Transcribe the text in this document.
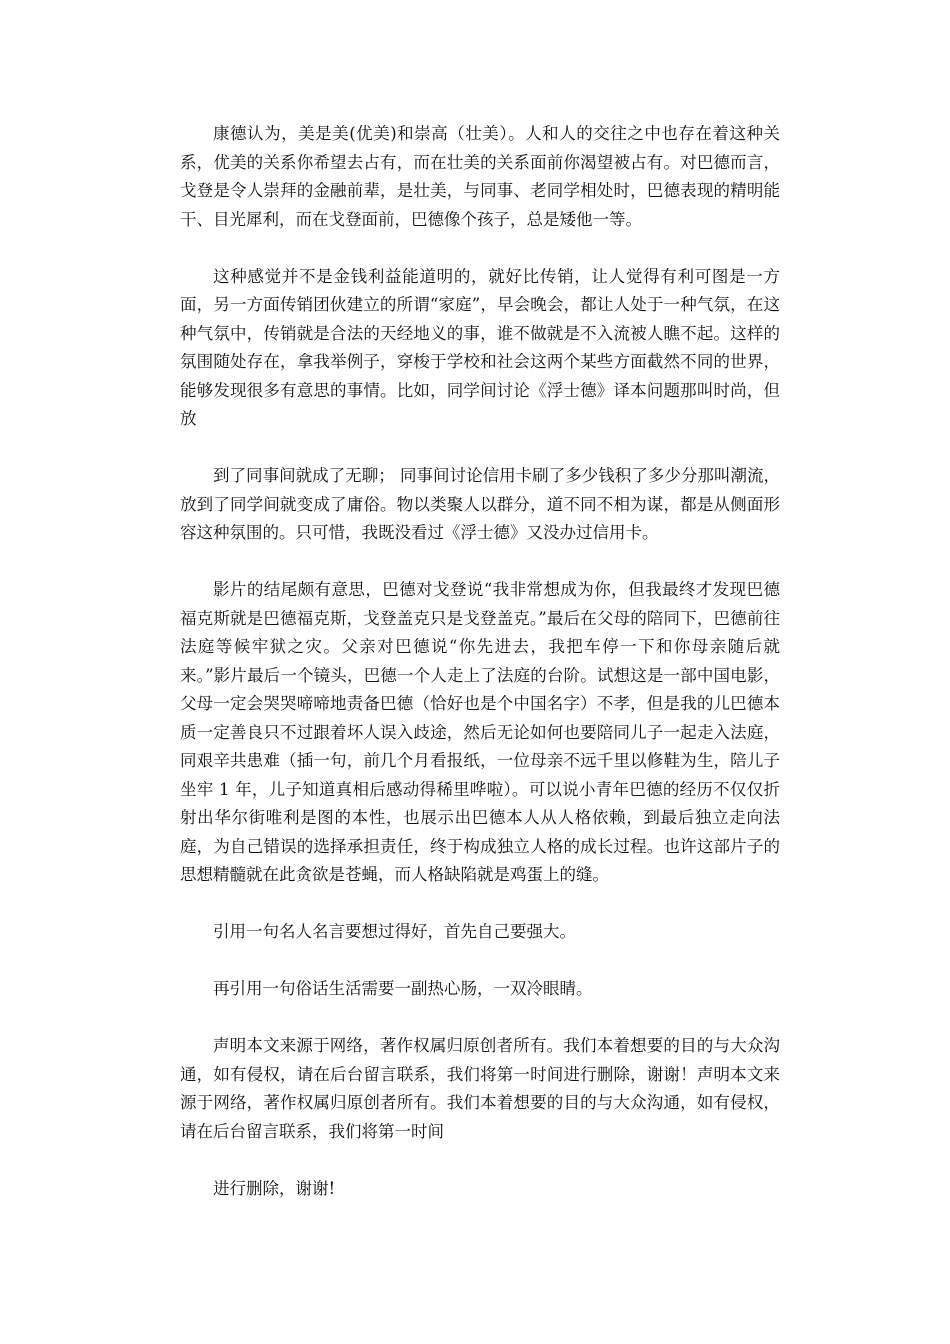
康德认为，美是美(优美)和崇高（壮美）。人和人的交往之中也存在着这种关系，优美的关系你希望去占有，而在壮美的关系面前你渴望被占有。对巴德而言，戈登是令人崇拜的金融前辈，是壮美，与同事、老同学相处时，巴德表现的精明能干、目光犀利，而在戈登面前，巴德像个孩子，总是矮他一等。

这种感觉并不是金钱利益能道明的，就好比传销，让人觉得有利可图是一方面，另一方面传销团伙建立的所谓“家庭”，早会晚会，都让人处于一种气氛，在这种气氛中，传销就是合法的天经地义的事，谁不做就是不入流被人瞧不起。这样的氛围随处存在，拿我举例子，穿梭于学校和社会这两个某些方面截然不同的世界，能够发现很多有意思的事情。比如，同学间讨论《浮士德》译本问题那叫时尚，但放

到了同事间就成了无聊； 同事间讨论信用卡刷了多少钱积了多少分那叫潮流，放到了同学间就变成了庸俗。物以类聚人以群分，道不同不相为谋，都是从侧面形容这种氛围的。只可惜，我既没看过《浮士德》又没办过信用卡。

影片的结尾颇有意思，巴德对戈登说“我非常想成为你，但我最终才发现巴德福克斯就是巴德福克斯，戈登盖克只是戈登盖克。”最后在父母的陪同下，巴德前往法庭等候牢狱之灾。父亲对巴德说“你先进去，我把车停一下和你母亲随后就来。”影片最后一个镜头，巴德一个人走上了法庭的台阶。试想这是一部中国电影，父母一定会哭哭啼啼地责备巴德（恰好也是个中国名字）不孝，但是我的儿巴德本质一定善良只不过跟着坏人误入歧途，然后无论如何也要陪同儿子一起走入法庭，同艰辛共患难（插一句，前几个月看报纸，一位母亲不远千里以修鞋为生，陪儿子坐牢 1 年，儿子知道真相后感动得稀里哗啦）。可以说小青年巴德的经历不仅仅折射出华尔街唯利是图的本性，也展示出巴德本人从人格依赖，到最后独立走向法庭，为自己错误的选择承担责任，终于构成独立人格的成长过程。也许这部片子的思想精髓就在此贪欲是苍蝇，而人格缺陷就是鸡蛋上的缝。

引用一句名人名言要想过得好，首先自己要强大。

再引用一句俗话生活需要一副热心肠，一双冷眼睛。

声明本文来源于网络，著作权属归原创者所有。我们本着想要的目的与大众沟通，如有侵权，请在后台留言联系，我们将第一时间进行删除，谢谢！声明本文来源于网络，著作权属归原创者所有。我们本着想要的目的与大众沟通，如有侵权，请在后台留言联系，我们将第一时间

进行删除，谢谢!
